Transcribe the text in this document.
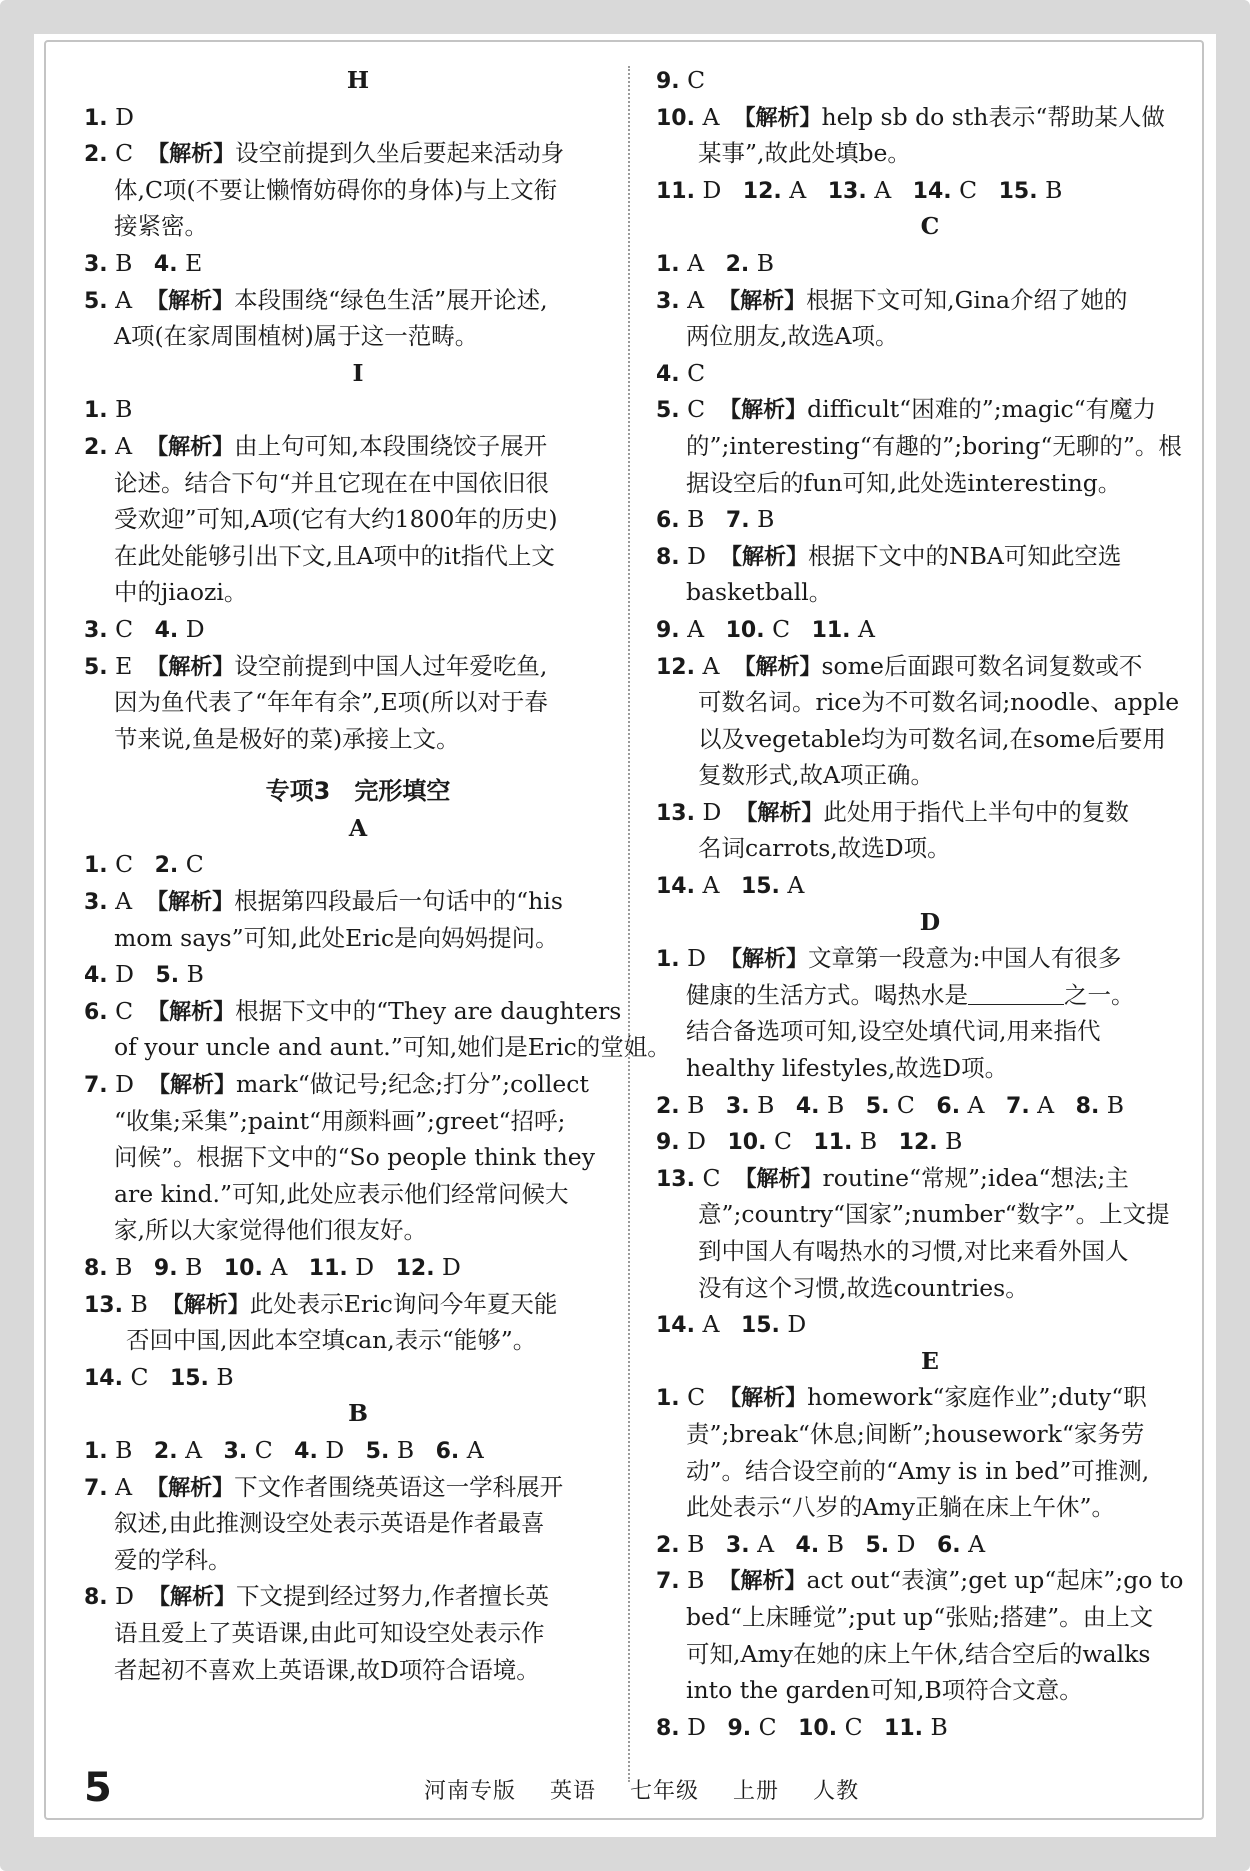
H
1. D
2. C 【解析】设空前提到久坐后要起来活动身
体,C项(不要让懒惰妨碍你的身体)与上文衔
接紧密。
3. B 4. E
5. A 【解析】本段围绕“绿色生活”展开论述,
A项(在家周围植树)属于这一范畴。
I
1. B
2. A 【解析】由上句可知,本段围绕饺子展开
论述。结合下句“并且它现在在中国依旧很
受欢迎”可知,A项(它有大约1800年的历史)
在此处能够引出下文,且A项中的it指代上文
中的jiaozi。
3. C 4. D
5. E 【解析】设空前提到中国人过年爱吃鱼,
因为鱼代表了“年年有余”,E项(所以对于春
节来说,鱼是极好的菜)承接上文。
专项3　完形填空
A
1. C 2. C
3. A 【解析】根据第四段最后一句话中的“his
mom says”可知,此处Eric是向妈妈提问。
4. D 5. B
6. C 【解析】根据下文中的“They are daughters
of your uncle and aunt.”可知,她们是Eric的堂姐。
7. D 【解析】mark“做记号;纪念;打分”;collect
“收集;采集”;paint“用颜料画”;greet“招呼;
问候”。根据下文中的“So people think they
are kind.”可知,此处应表示他们经常问候大
家,所以大家觉得他们很友好。
8. B 9. B 10. A 11. D 12. D
13. B 【解析】此处表示Eric询问今年夏天能
否回中国,因此本空填can,表示“能够”。
14. C 15. B
B
1. B 2. A 3. C 4. D 5. B 6. A
7. A 【解析】下文作者围绕英语这一学科展开
叙述,由此推测设空处表示英语是作者最喜
爱的学科。
8. D 【解析】下文提到经过努力,作者擅长英
语且爱上了英语课,由此可知设空处表示作
者起初不喜欢上英语课,故D项符合语境。
9. C
10. A 【解析】help sb do sth表示“帮助某人做
某事”,故此处填be。
11. D 12. A 13. A 14. C 15. B
C
1. A 2. B
3. A 【解析】根据下文可知,Gina介绍了她的
两位朋友,故选A项。
4. C
5. C 【解析】difficult“困难的”;magic“有魔力
的”;interesting“有趣的”;boring“无聊的”。根
据设空后的fun可知,此处选interesting。
6. B 7. B
8. D 【解析】根据下文中的NBA可知此空选
basketball。
9. A 10. C 11. A
12. A 【解析】some后面跟可数名词复数或不
可数名词。rice为不可数名词;noodle、apple
以及vegetable均为可数名词,在some后要用
复数形式,故A项正确。
13. D 【解析】此处用于指代上半句中的复数
名词carrots,故选D项。
14. A 15. A
D
1. D 【解析】文章第一段意为:中国人有很多
健康的生活方式。喝热水是	之一。
结合备选项可知,设空处填代词,用来指代
healthy lifestyles,故选D项。
2. B 3. B 4. B 5. C 6. A 7. A 8. B
9. D 10. C 11. B 12. B
13. C 【解析】routine“常规”;idea“想法;主
意”;country“国家”;number“数字”。上文提
到中国人有喝热水的习惯,对比来看外国人
没有这个习惯,故选countries。
14. A 15. D
E
1. C 【解析】homework“家庭作业”;duty“职
责”;break“休息;间断”;housework“家务劳
动”。结合设空前的“Amy is in bed”可推测,
此处表示“八岁的Amy正躺在床上午休”。
2. B 3. A 4. B 5. D 6. A
7. B 【解析】act out“表演”;get up“起床”;go to
bed“上床睡觉”;put up“张贴;搭建”。由上文
可知,Amy在她的床上午休,结合空后的walks
into the garden可知,B项符合文意。
8. D 9. C 10. C 11. B
5	河南专版 英语 七年级 上册 人教
